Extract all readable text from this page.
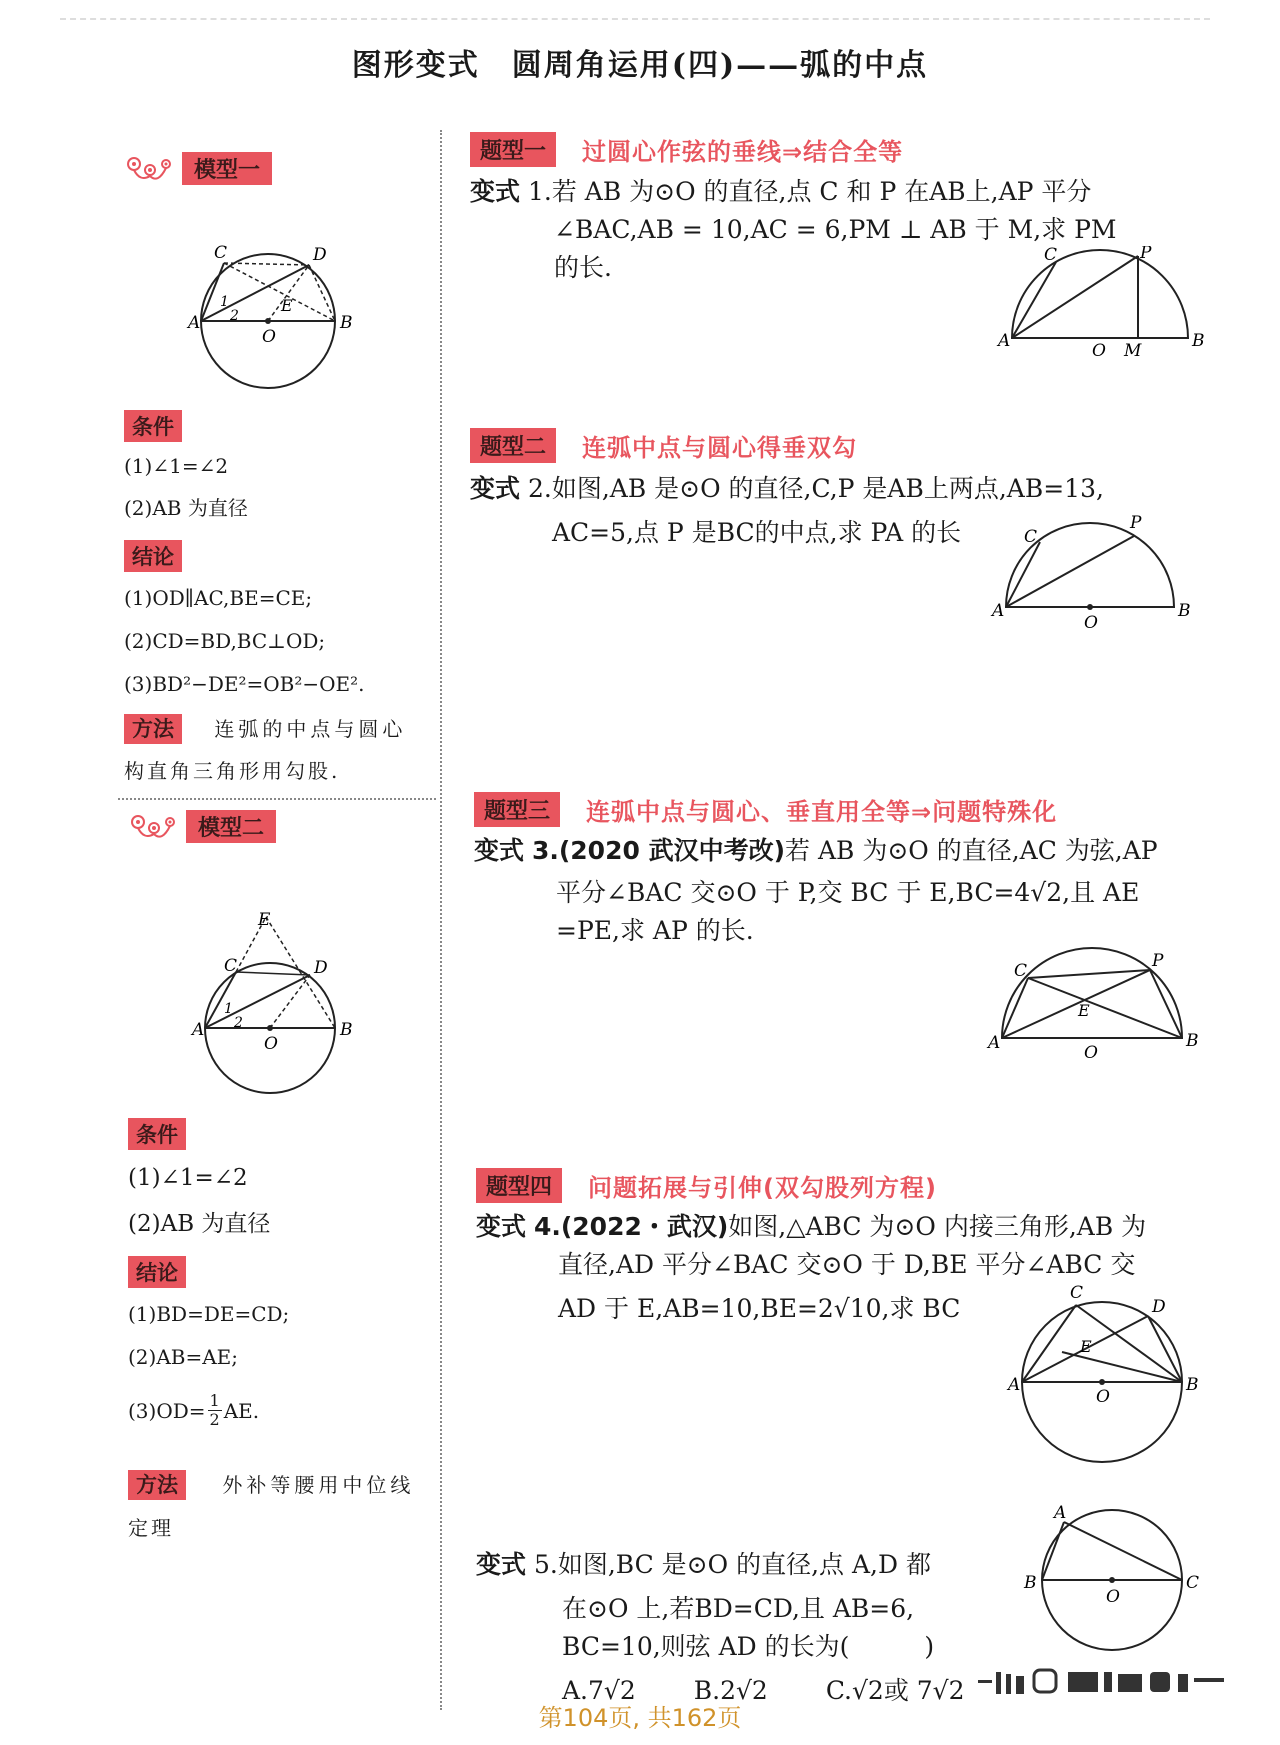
图形变式　圆周角运用(四)——弧的中点
模型一
A	B
C	D
E
O
1
2
条件
(1)∠1=∠2
(2)AB 为直径
结论
(1)OD∥AC,BE=CE;
(2)CD=BD,BC⊥OD;
(3)BD²−DE²=OB²−OE².
方法 连弧的中点与圆心
构直角三角形用勾股.
模型二
A	B
C	D
E
O
1
2
条件
(1)∠1=∠2
(2)AB 为直径
结论
(1)BD=DE=CD;
(2)AB=AE;
$(3)OD= \frac{1}{2}$ AE.
方法 外补等腰用中位线
定理
题型一	过圆心作弦的垂线⇒结合全等
变式 1.若 AB 为⊙O 的直径,点 C 和 P 在AB上,AP 平分
∠BAC,AB = 10,AC = 6,PM ⊥ AB 于 M,求 PM
的长.
A	B
C	P
O M
题型二	连弧中点与圆心得垂双勾
变式 2.如图,AB 是⊙O 的直径,C,P 是AB上两点,AB=13,
AC=5,点 P 是BC的中点,求 PA 的长
A	B
C
P
O
题型三	连弧中点与圆心、垂直用全等⇒问题特殊化
变式 3.(2020 武汉中考改)若 AB 为⊙O 的直径,AC 为弦,AP
平分∠BAC 交⊙O 于 P,交 BC 于 E,BC=4√2,且 AE
=PE,求 AP 的长.
A	B
C	P
E
O
题型四	问题拓展与引伸(双勾股列方程)
变式 4.(2022・武汉)如图,△ABC 为⊙O 内接三角形,AB 为
直径,AD 平分∠BAC 交⊙O 于 D,BE 平分∠ABC 交
AD 于 E,AB=10,BE=2√10,求 BC
A	B
C
D
E
O
变式 5.如图,BC 是⊙O 的直径,点 A,D 都
在⊙O 上,若BD=CD,且 AB=6,
BC=10,则弦 AD 的长为(　　　)
A.7√2 B.2√2 C.√2或 7√2
B	C
A
O
第104页, 共162页
